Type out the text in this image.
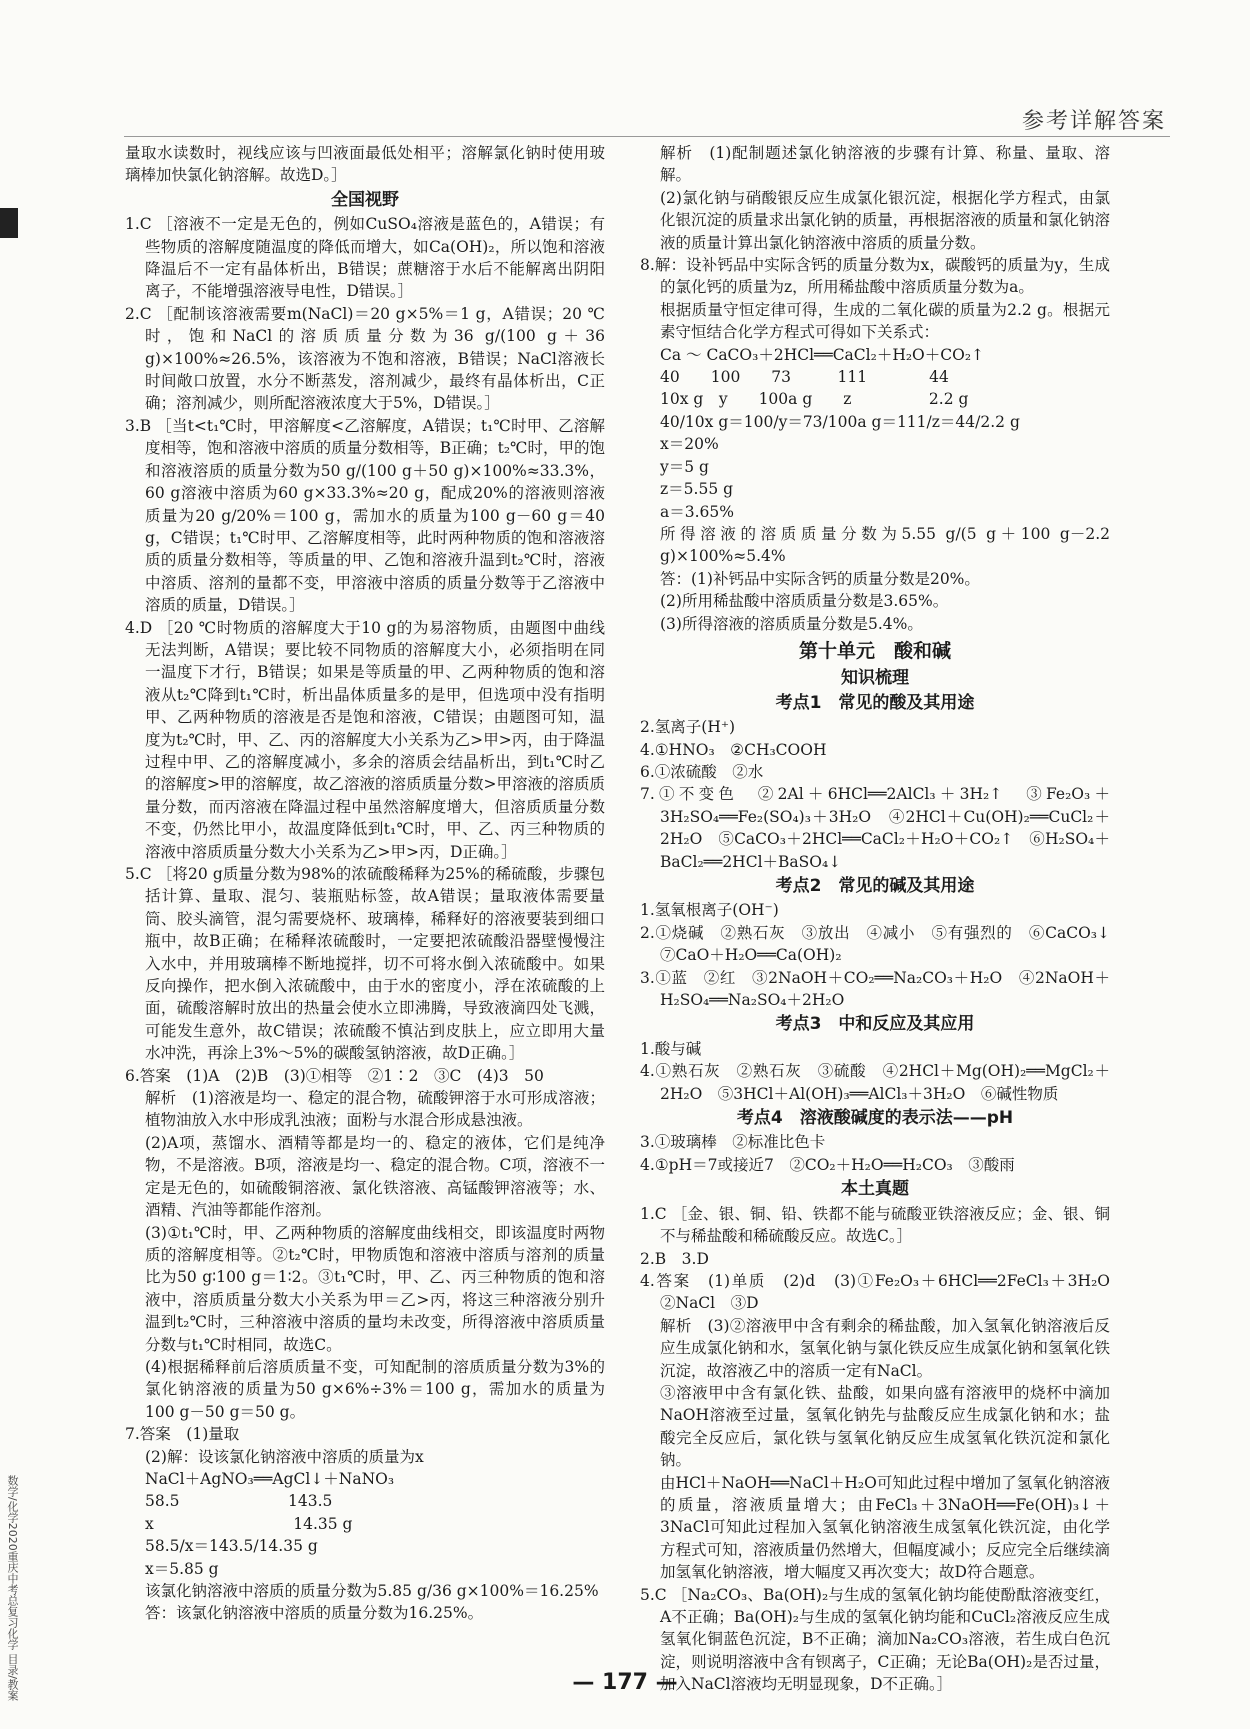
参考详解答案
数学/化学2020重庆中考总复习化学 目录/教案

量取水读数时，视线应该与凹液面最低处相平；溶解氯化钠时使用玻璃棒加快氯化钠溶解。故选D。］

全国视野

1.C ［溶液不一定是无色的，例如CuSO₄溶液是蓝色的，A错误；有些物质的溶解度随温度的降低而增大，如Ca(OH)₂，所以饱和溶液降温后不一定有晶体析出，B错误；蔗糖溶于水后不能解离出阴阳离子，不能增强溶液导电性，D错误。］

2.C ［配制该溶液需要m(NaCl)＝20 g×5%＝1 g，A错误；20 ℃时，饱和NaCl的溶质质量分数为36 g/(100 g＋36 g)×100%≈26.5%，该溶液为不饱和溶液，B错误；NaCl溶液长时间敞口放置，水分不断蒸发，溶剂减少，最终有晶体析出，C正确；溶剂减少，则所配溶液浓度大于5%，D错误。］

3.B ［当t<t₁℃时，甲溶解度<乙溶解度，A错误；t₁℃时甲、乙溶解度相等，饱和溶液中溶质的质量分数相等，B正确；t₂℃时，甲的饱和溶液溶质的质量分数为50 g/(100 g＋50 g)×100%≈33.3%，60 g溶液中溶质为60 g×33.3%≈20 g，配成20%的溶液则溶液质量为20 g/20%＝100 g，需加水的质量为100 g－60 g＝40 g，C错误；t₁℃时甲、乙溶解度相等，此时两种物质的饱和溶液溶质的质量分数相等，等质量的甲、乙饱和溶液升温到t₂℃时，溶液中溶质、溶剂的量都不变，甲溶液中溶质的质量分数等于乙溶液中溶质的质量，D错误。］

4.D ［20 ℃时物质的溶解度大于10 g的为易溶物质，由题图中曲线无法判断，A错误；要比较不同物质的溶解度大小，必须指明在同一温度下才行，B错误；如果是等质量的甲、乙两种物质的饱和溶液从t₂℃降到t₁℃时，析出晶体质量多的是甲，但选项中没有指明甲、乙两种物质的溶液是否是饱和溶液，C错误；由题图可知，温度为t₂℃时，甲、乙、丙的溶解度大小关系为乙>甲>丙，由于降温过程中甲、乙的溶解度减小，多余的溶质会结晶析出，到t₁℃时乙的溶解度>甲的溶解度，故乙溶液的溶质质量分数>甲溶液的溶质质量分数，而丙溶液在降温过程中虽然溶解度增大，但溶质质量分数不变，仍然比甲小，故温度降低到t₁℃时，甲、乙、丙三种物质的溶液中溶质质量分数大小关系为乙>甲>丙，D正确。］

5.C ［将20 g质量分数为98%的浓硫酸稀释为25%的稀硫酸，步骤包括计算、量取、混匀、装瓶贴标签，故A错误；量取液体需要量筒、胶头滴管，混匀需要烧杯、玻璃棒，稀释好的溶液要装到细口瓶中，故B正确；在稀释浓硫酸时，一定要把浓硫酸沿器壁慢慢注入水中，并用玻璃棒不断地搅拌，切不可将水倒入浓硫酸中。如果反向操作，把水倒入浓硫酸中，由于水的密度小，浮在浓硫酸的上面，硫酸溶解时放出的热量会使水立即沸腾，导致液滴四处飞溅，可能发生意外，故C错误；浓硫酸不慎沾到皮肤上，应立即用大量水冲洗，再涂上3%～5%的碳酸氢钠溶液，故D正确。］

6.答案　(1)A　(2)B　(3)①相等　②1∶2　③C　(4)3　50

解析　(1)溶液是均一、稳定的混合物，硫酸钾溶于水可形成溶液；植物油放入水中形成乳浊液；面粉与水混合形成悬浊液。

(2)A项，蒸馏水、酒精等都是均一的、稳定的液体，它们是纯净物，不是溶液。B项，溶液是均一、稳定的混合物。C项，溶液不一定是无色的，如硫酸铜溶液、氯化铁溶液、高锰酸钾溶液等；水、酒精、汽油等都能作溶剂。

(3)①t₁℃时，甲、乙两种物质的溶解度曲线相交，即该温度时两物质的溶解度相等。②t₂℃时，甲物质饱和溶液中溶质与溶剂的质量比为50 g∶100 g＝1∶2。③t₁℃时，甲、乙、丙三种物质的饱和溶液中，溶质质量分数大小关系为甲＝乙>丙，将这三种溶液分别升温到t₂℃时，三种溶液中溶质的量均未改变，所得溶液中溶质质量分数与t₁℃时相同，故选C。

(4)根据稀释前后溶质质量不变，可知配制的溶质质量分数为3%的氯化钠溶液的质量为50 g×6%÷3%＝100 g，需加水的质量为100 g－50 g＝50 g。

7.答案　(1)量取

(2)解：设该氯化钠溶液中溶质的质量为x

NaCl＋AgNO₃══AgCl↓＋NaNO₃

58.5　　　　　　　143.5

x　　　　　　　　　14.35 g

58.5/x＝143.5/14.35 g

x＝5.85 g

该氯化钠溶液中溶质的质量分数为5.85 g/36 g×100%＝16.25%

答：该氯化钠溶液中溶质的质量分数为16.25%。

解析　(1)配制题述氯化钠溶液的步骤有计算、称量、量取、溶解。

(2)氯化钠与硝酸银反应生成氯化银沉淀，根据化学方程式，由氯化银沉淀的质量求出氯化钠的质量，再根据溶液的质量和氯化钠溶液的质量计算出氯化钠溶液中溶质的质量分数。

8.解：设补钙品中实际含钙的质量分数为x，碳酸钙的质量为y，生成的氯化钙的质量为z，所用稀盐酸中溶质质量分数为a。

根据质量守恒定律可得，生成的二氧化碳的质量为2.2 g。根据元素守恒结合化学方程式可得如下关系式：

Ca ～ CaCO₃＋2HCl══CaCl₂＋H₂O＋CO₂↑

40　　100　　73　　　111　　　　44

10x g　y　　100a g　　z　　　　　2.2 g

40/10x g＝100/y＝73/100a g＝111/z＝44/2.2 g

x＝20%

y＝5 g

z＝5.55 g

a＝3.65%

所得溶液的溶质质量分数为5.55 g/(5 g＋100 g－2.2 g)×100%≈5.4%

答：(1)补钙品中实际含钙的质量分数是20%。

(2)所用稀盐酸中溶质质量分数是3.65%。

(3)所得溶液的溶质质量分数是5.4%。

第十单元　酸和碱

知识梳理

考点1　常见的酸及其用途

2.氢离子(H⁺)

4.①HNO₃　②CH₃COOH

6.①浓硫酸　②水

7.①不变色　②2Al＋6HCl══2AlCl₃＋3H₂↑　③Fe₂O₃＋3H₂SO₄══Fe₂(SO₄)₃＋3H₂O　④2HCl＋Cu(OH)₂══CuCl₂＋2H₂O　⑤CaCO₃＋2HCl══CaCl₂＋H₂O＋CO₂↑　⑥H₂SO₄＋BaCl₂══2HCl＋BaSO₄↓

考点2　常见的碱及其用途

1.氢氧根离子(OH⁻)

2.①烧碱　②熟石灰　③放出　④减小　⑤有强烈的　⑥CaCO₃↓　⑦CaO＋H₂O══Ca(OH)₂

3.①蓝　②红　③2NaOH＋CO₂══Na₂CO₃＋H₂O　④2NaOH＋H₂SO₄══Na₂SO₄＋2H₂O

考点3　中和反应及其应用

1.酸与碱

4.①熟石灰　②熟石灰　③硫酸　④2HCl＋Mg(OH)₂══MgCl₂＋2H₂O　⑤3HCl＋Al(OH)₃══AlCl₃＋3H₂O　⑥碱性物质

考点4　溶液酸碱度的表示法——pH

3.①玻璃棒　②标准比色卡

4.①pH＝7或接近7　②CO₂＋H₂O══H₂CO₃　③酸雨

本土真题

1.C ［金、银、铜、铅、铁都不能与硫酸亚铁溶液反应；金、银、铜不与稀盐酸和稀硫酸反应。故选C。］

2.B　3.D

4.答案　(1)单质　(2)d　(3)①Fe₂O₃＋6HCl══2FeCl₃＋3H₂O　②NaCl　③D

解析　(3)②溶液甲中含有剩余的稀盐酸，加入氢氧化钠溶液后反应生成氯化钠和水，氢氧化钠与氯化铁反应生成氯化钠和氢氧化铁沉淀，故溶液乙中的溶质一定有NaCl。

③溶液甲中含有氯化铁、盐酸，如果向盛有溶液甲的烧杯中滴加NaOH溶液至过量，氢氧化钠先与盐酸反应生成氯化钠和水；盐酸完全反应后，氯化铁与氢氧化钠反应生成氢氧化铁沉淀和氯化钠。

由HCl＋NaOH══NaCl＋H₂O可知此过程中增加了氢氧化钠溶液的质量，溶液质量增大；由FeCl₃＋3NaOH══Fe(OH)₃↓＋3NaCl可知此过程加入氢氧化钠溶液生成氢氧化铁沉淀，由化学方程式可知，溶液质量仍然增大，但幅度减小；反应完全后继续滴加氢氧化钠溶液，增大幅度又再次变大；故D符合题意。

5.C ［Na₂CO₃、Ba(OH)₂与生成的氢氧化钠均能使酚酞溶液变红，A不正确；Ba(OH)₂与生成的氢氧化钠均能和CuCl₂溶液反应生成氢氧化铜蓝色沉淀，B不正确；滴加Na₂CO₃溶液，若生成白色沉淀，则说明溶液中含有钡离子，C正确；无论Ba(OH)₂是否过量，加入NaCl溶液均无明显现象，D不正确。］

— 177 —
